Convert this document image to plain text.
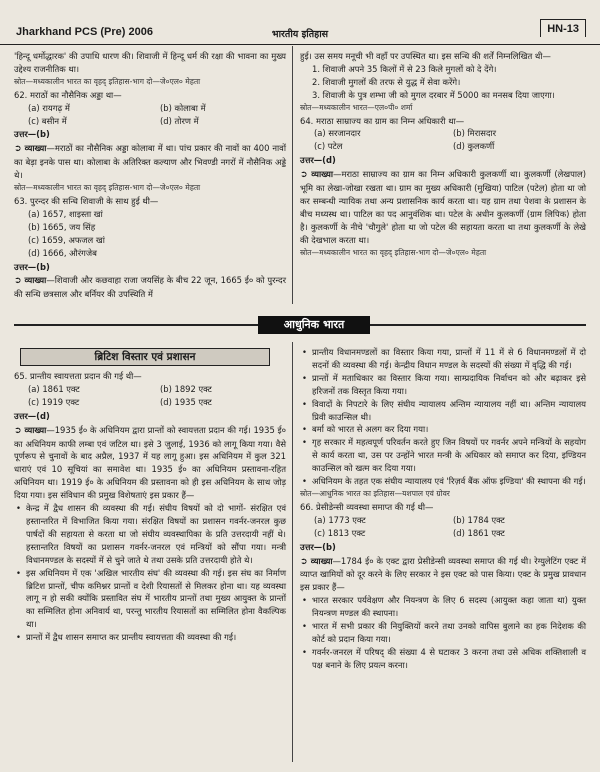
Jharkhand PCS (Pre) 2006	भारतीय इतिहास	HN-13

'हिन्दू धर्मोद्धारक' की उपाधि धारण की। शिवाजी में हिन्दू धर्म की रक्षा की भावना का मुख्य उद्देश्य राजनीतिक था।

स्रोत—मध्यकालीन भारत का वृहद् इतिहास-भाग दो—जे०एल० मेहता

62. मराठों का नौसैनिक अड्डा था—

(a) रायगढ़ में	(b) कोलाबा में
(c) बसीन में	(d) तोरण में

उत्तर—(b)

➲ व्याख्या—मराठों का नौसैनिक अड्डा कोलाबा में था। पांच प्रकार की नावों का 400 नावों का बेड़ा इनके पास था। कोलाबा के अतिरिक्त कल्याण और भिवण्डी नगरों में नौसैनिक अड्डे थे।

स्रोत—मध्यकालीन भारत का वृहद् इतिहास-भाग दो—जे०एल० मेहता

63. पुरन्दर की सन्धि शिवाजी के साथ हुई थी—

(a) 1657, शाइस्ता खां
(b) 1665, जय सिंह
(c) 1659, अफजल खां
(d) 1666, औरंगजेब

उत्तर—(b)

➲ व्याख्या—शिवाजी और कछवाहा राजा जयसिंह के बीच 22 जून, 1665 ई० को पुरन्दर की सन्धि छत्रसाल और बर्नियर की उपस्थिति में

हुई। उस समय मनूची भी वहाँ पर उपस्थित था। इस सन्धि की शर्तें निम्नलिखित थी—

1. शिवाजी अपने 35 किलों में से 23 किले मुगलों को दे देंगे।

2. शिवाजी मुगलों की तरफ से युद्ध में सेवा करेंगे।

3. शिवाजी के पुत्र शम्भा जी को मुगल दरबार में 5000 का मनसब दिया जाएगा।

स्रोत—मध्यकालीन भारत—एल०पी० शर्मा

64. मराठा साम्राज्य का ग्राम का निम्न अधिकारी था—

(a) सरजानदार	(b) मिरासदार
(c) पटेल	(d) कुलकर्णी

उत्तर—(d)

➲ व्याख्या—मराठा साम्राज्य का ग्राम का निम्न अधिकारी कुलकर्णी था। कुलकर्णी (लेखपाल) भूमि का लेखा-जोखा रखता था। ग्राम का मुख्य अधिकारी (मुखिया) पाटिल (पटेल) होता था जो कर सम्बन्धी न्यायिक तथा अन्य प्रशासनिक कार्य करता था। यह ग्राम तथा पेशवा के प्रशासन के बीच मध्यस्थ था। पाटिल का पद आनुवंशिक था। पटेल के अधीन कुलकर्णी (ग्राम लिपिक) होता है। कुलकर्णी के नीचे 'चौगुले' होता था जो पटेल की सहायता करता था तथा कुलकर्णी के लेखे की देखभाल करता था।

स्रोत—मध्यकालीन भारत का वृहद् इतिहास-भाग दो—जे०एल० मेहता

आधुनिक भारत
ब्रिटिश विस्तार एवं प्रशासन

65. प्रान्तीय स्वायत्तता प्रदान की गई थी—

(a) 1861 एक्ट	(b) 1892 एक्ट
(c) 1919 एक्ट	(d) 1935 एक्ट

उत्तर—(d)

➲ व्याख्या—1935 ई० के अधिनियम द्वारा प्रान्तों को स्वायत्तता प्रदान की गई। 1935 ई० का अधिनियम काफी लम्बा एवं जटिल था। इसे 3 जुलाई, 1936 को लागू किया गया। वैसे पूर्णरूप से चुनावों के बाद अप्रैल, 1937 में यह लागू हुआ। इस अधिनियम में कुल 321 धाराएं एवं 10 सूचियां का समावेश था। 1935 ई० का अधिनियम प्रस्तावना-रहित अधिनियम था। 1919 ई० के अधिनियम की प्रस्तावना को ही इस अधिनियम के साथ जोड़ दिया गया। इस संविधान की प्रमुख विशेषताएं इस प्रकार हैं—

• केन्द्र में द्वैध शासन की व्यवस्था की गई। संघीय विषयों को दो भागों- संरक्षित एवं हस्तान्तरित में विभाजित किया गया। संरक्षित विषयों का प्रशासन गवर्नर-जनरल कुछ पार्षदों की सहायता से करता था जो संघीय व्यवस्थापिका के प्रति उत्तरदायी नहीं थे। हस्तान्तरित विषयों का प्रशासन गवर्नर-जनरल एवं मन्त्रियों को सौंपा गया। मन्त्री विधानमण्डल के सदस्यों में से चुने जाते थे तथा उसके प्रति उत्तरदायी होते थे।

• इस अधिनियम में एक 'अखिल भारतीय संघ' की व्यवस्था की गई। इस संघ का निर्माण ब्रिटिश प्रान्तों, चीफ कमिश्नर प्रान्तों व देशी रियासतों से मिलकर होना था। यह व्यवस्था लागू न हो सकी क्योंकि प्रस्तावित संघ में भारतीय प्रान्तों तथा मुख्य आयुक्त के प्रान्तों का सम्मिलित होना अनिवार्य था, परन्तु भारतीय रियासतों का सम्मिलित होना वैकल्पिक था।

• प्रान्तों में द्वैध शासन समाप्त कर प्रान्तीय स्वायत्तता की व्यवस्था की गई।

• प्रान्तीय विधानमण्डलों का विस्तार किया गया, प्रान्तों में 11 में से 6 विधानमण्डलों में दो सदनों की व्यवस्था की गई। केन्द्रीय विधान मण्डल के सदस्यों की संख्या में वृद्धि की गई।

• प्रान्तों में मताधिकार का विस्तार किया गया। साम्प्रदायिक निर्वाचन को और बढ़ाकर इसे हरिजनों तक विस्तृत किया गया।

• विवादों के निपटारे के लिए संघीय न्यायालय अन्तिम न्यायालय नहीं था। अन्तिम न्यायालय प्रिवी काउन्सिल थी।

• बर्मा को भारत से अलग कर दिया गया।

• गृह सरकार में महत्वपूर्ण परिवर्तन करते हुए जिन विषयों पर गवर्नर अपने मन्त्रियों के सहयोग से कार्य करता था, उस पर उन्होंने भारत मन्त्री के अधिकार को समाप्त कर दिया, इण्डियन काउन्सिल को खत्म कर दिया गया।

• अधिनियम के तहत एक संघीय न्यायालय एवं 'रिज़र्व बैंक ऑफ इण्डिया' की स्थापना की गई।

स्रोत—आधुनिक भारत का इतिहास—यशपाल एवं ग्रोवर

66. प्रेसीडेन्सी व्यवस्था समाप्त की गई थी—

(a) 1773 एक्ट	(b) 1784 एक्ट
(c) 1813 एक्ट	(d) 1861 एक्ट

उत्तर—(b)

➲ व्याख्या—1784 ई० के एक्ट द्वारा प्रेसीडेन्सी व्यवस्था समाप्त की गई थी। रेग्युलेटिंग एक्ट में व्याप्त खामियों को दूर करने के लिए सरकार ने इस एक्ट को पास किया। एक्ट के प्रमुख प्रावधान इस प्रकार हैं—

• भारत सरकार पर्यवेक्षण और नियन्त्रण के लिए 6 सदस्य (आयुक्त कहा जाता था) युक्त नियन्त्रण मण्डल की स्थापना।

• भारत में सभी प्रकार की नियुक्तियों करने तथा उनको वापिस बुलाने का हक निदेशक की कोर्ट को प्रदान किया गया।

• गवर्नर-जनरल में परिषद् की संख्या 4 से घटाकर 3 करना तथा उसे अधिक शक्तिशाली व पक्ष बनाने के लिए प्रयत्न करना।
